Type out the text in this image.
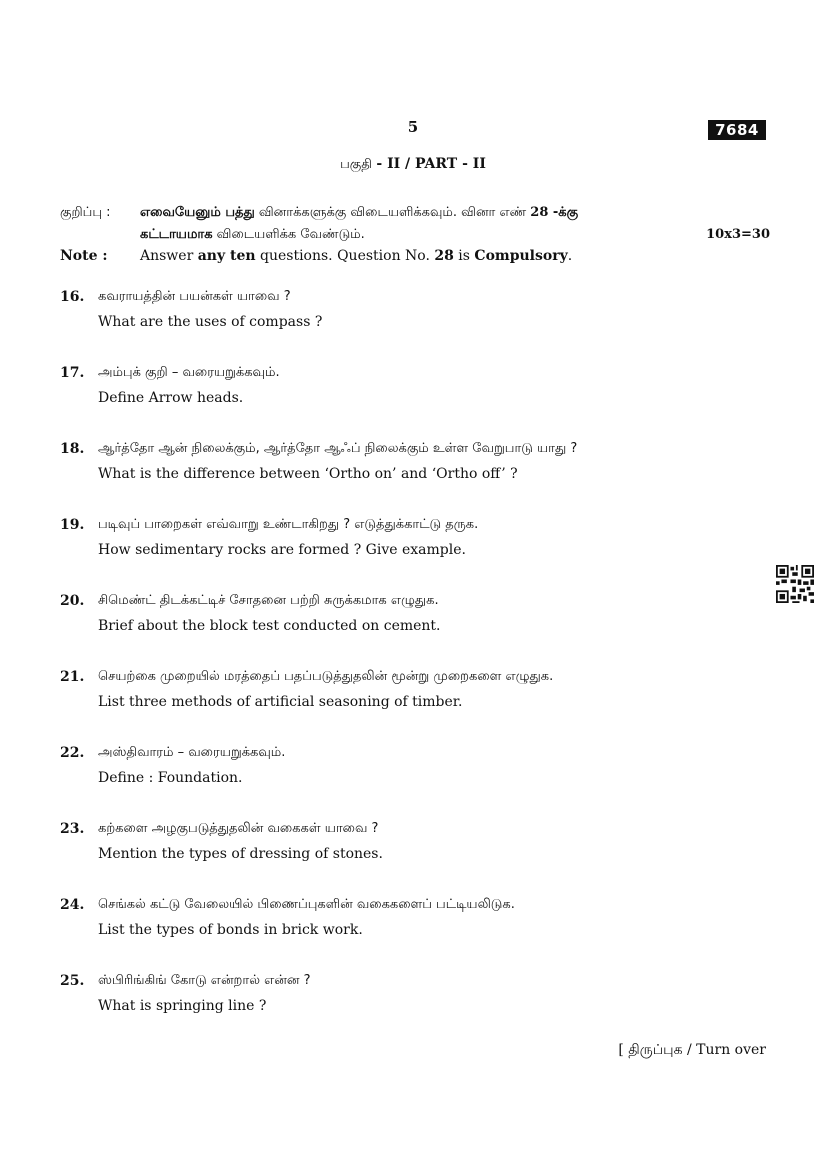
5	7684
பகுதி - II / PART - II
குறிப்பு : எவையேனும் பத்து வினாக்களுக்கு விடையளிக்கவும். வினா எண் 28 -க்கு
கட்டாயமாக விடையளிக்க வேண்டும்.	10x3=30
Note : Answer any ten questions. Question No. 28 is Compulsory.
16. கவராயத்தின் பயன்கள் யாவை ?
What are the uses of compass ?
17. அம்புக் குறி – வரையறுக்கவும்.
Define Arrow heads.
18. ஆர்த்தோ ஆன் நிலைக்கும், ஆர்த்தோ ஆஃப் நிலைக்கும் உள்ள வேறுபாடு யாது ?
What is the difference between ‘Ortho on’ and ‘Ortho off’ ?
19. படிவுப் பாறைகள் எவ்வாறு உண்டாகிறது ? எடுத்துக்காட்டு தருக.
How sedimentary rocks are formed ? Give example.
20. சிமெண்ட் திடக்கட்டிச் சோதனை பற்றி சுருக்கமாக எழுதுக.
Brief about the block test conducted on cement.
21. செயற்கை முறையில் மரத்தைப் பதப்படுத்துதலின் மூன்று முறைகளை எழுதுக.
List three methods of artificial seasoning of timber.
22. அஸ்திவாரம் – வரையறுக்கவும்.
Define : Foundation.
23. கற்களை அழகுபடுத்துதலின் வகைகள் யாவை ?
Mention the types of dressing of stones.
24. செங்கல் கட்டு வேலையில் பிணைப்புகளின் வகைகளைப் பட்டியலிடுக.
List the types of bonds in brick work.
25. ஸ்பிரிங்கிங் கோடு என்றால் என்ன ?
What is springing line ?
[ திருப்புக / Turn over
